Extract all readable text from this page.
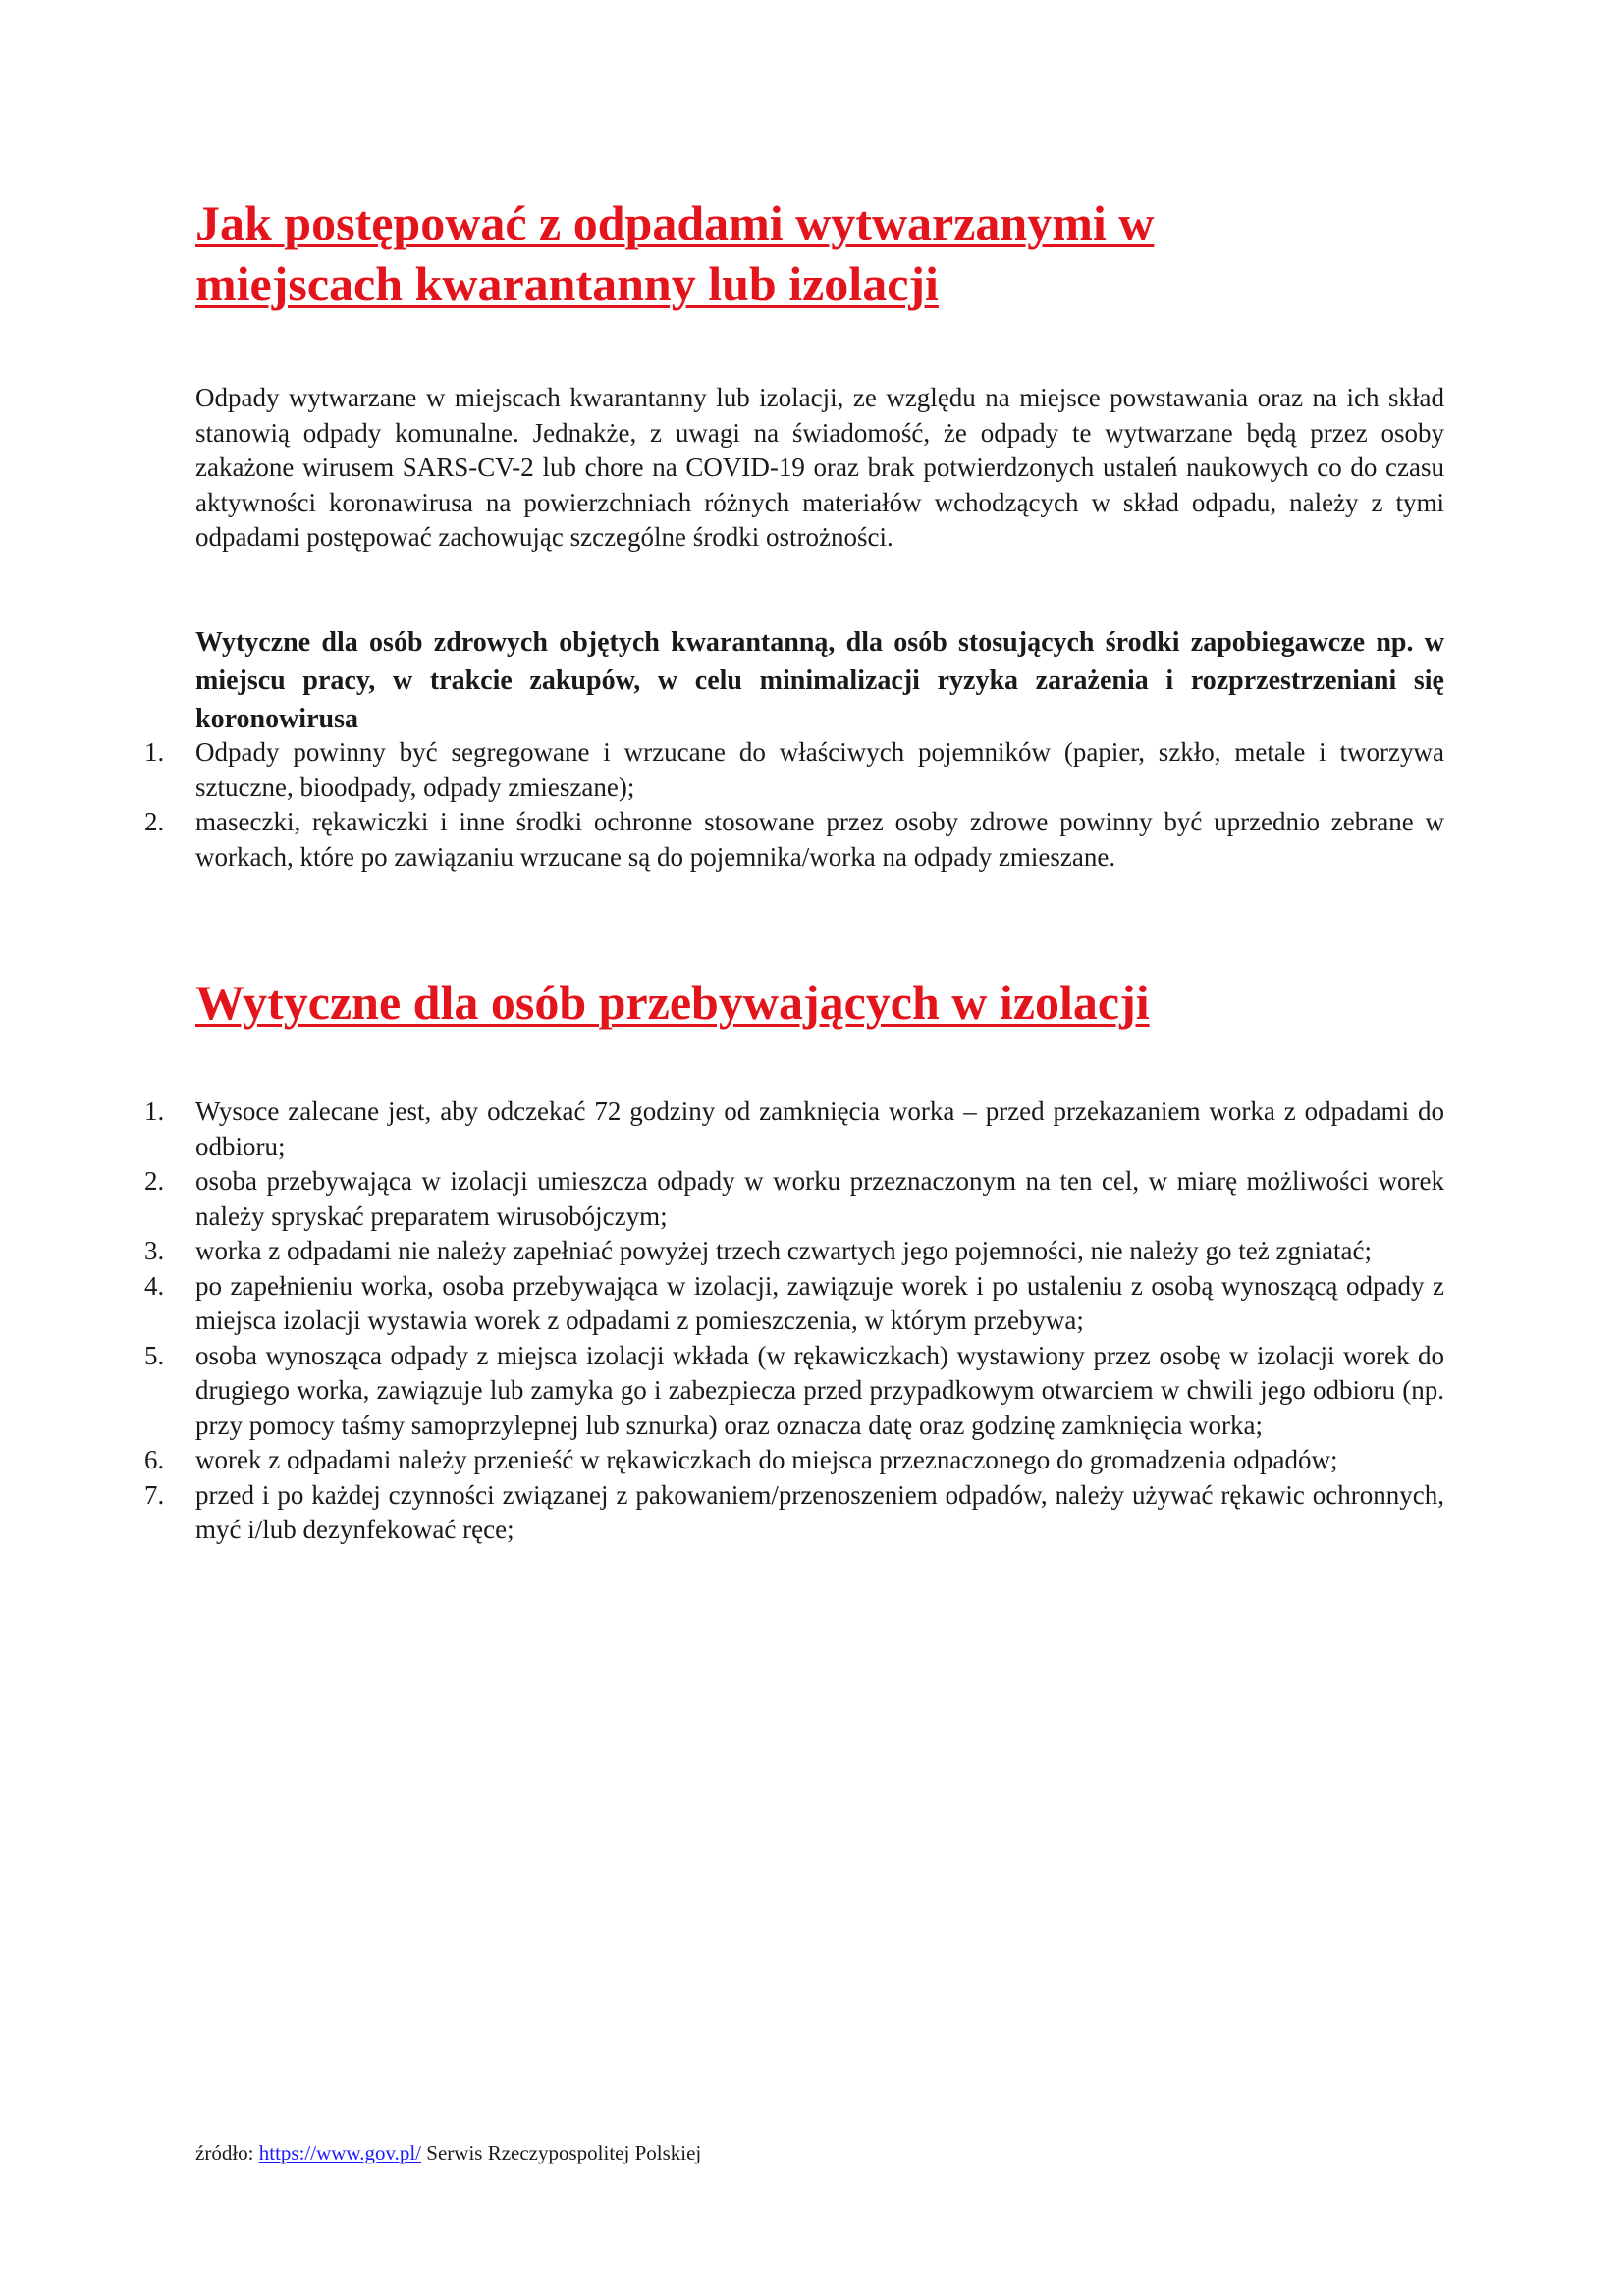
Jak postępować z odpadami wytwarzanymi w
miejscach kwarantanny lub izolacji

Odpady wytwarzane w miejscach kwarantanny lub izolacji, ze względu na miejsce powstawania oraz na ich skład stanowią odpady komunalne. Jednakże, z uwagi na świadomość, że odpady te wytwarzane będą przez osoby zakażone wirusem SARS-CV-2 lub chore na COVID-19 oraz brak potwierdzonych ustaleń naukowych co do czasu aktywności koronawirusa na powierzchniach różnych materiałów wchodzących w skład odpadu, należy z tymi odpadami postępować zachowując szczególne środki ostrożności.

Wytyczne dla osób zdrowych objętych kwarantanną, dla osób stosujących środki zapobiegawcze np. w miejscu pracy, w trakcie zakupów, w celu minimalizacji ryzyka zarażenia i rozprzestrzeniani się koronowirusa

1.	Odpady powinny być segregowane i wrzucane do właściwych pojemników (papier, szkło, metale i tworzywa sztuczne, bioodpady, odpady zmieszane);
2.	maseczki, rękawiczki i inne środki ochronne stosowane przez osoby zdrowe powinny być uprzednio zebrane w workach, które po zawiązaniu wrzucane są do pojemnika/worka na odpady zmieszane.
Wytyczne dla osób przebywających w izolacji
1.	Wysoce zalecane jest, aby odczekać 72 godziny od zamknięcia worka – przed przekazaniem worka z odpadami do odbioru;
2.	osoba przebywająca w izolacji umieszcza odpady w worku przeznaczonym na ten cel, w miarę możliwości worek należy spryskać preparatem wirusobójczym;
3.	worka z odpadami nie należy zapełniać powyżej trzech czwartych jego pojemności, nie należy go też zgniatać;
4.	po zapełnieniu worka, osoba przebywająca w izolacji, zawiązuje worek i po ustaleniu z osobą wynoszącą odpady z miejsca izolacji wystawia worek z odpadami z pomieszczenia, w którym przebywa;
5.	osoba wynosząca odpady z miejsca izolacji wkłada (w rękawiczkach) wystawiony przez osobę w izolacji worek do drugiego worka, zawiązuje lub zamyka go i zabezpiecza przed przypadkowym otwarciem w chwili jego odbioru (np. przy pomocy taśmy samoprzylepnej lub sznurka) oraz oznacza datę oraz godzinę zamknięcia worka;
6.	worek z odpadami należy przenieść w rękawiczkach do miejsca przeznaczonego do gromadzenia odpadów;
7.	przed i po każdej czynności związanej z pakowaniem/przenoszeniem odpadów, należy używać rękawic ochronnych, myć i/lub dezynfekować ręce;

źródło: https://www.gov.pl/ Serwis Rzeczypospolitej Polskiej
